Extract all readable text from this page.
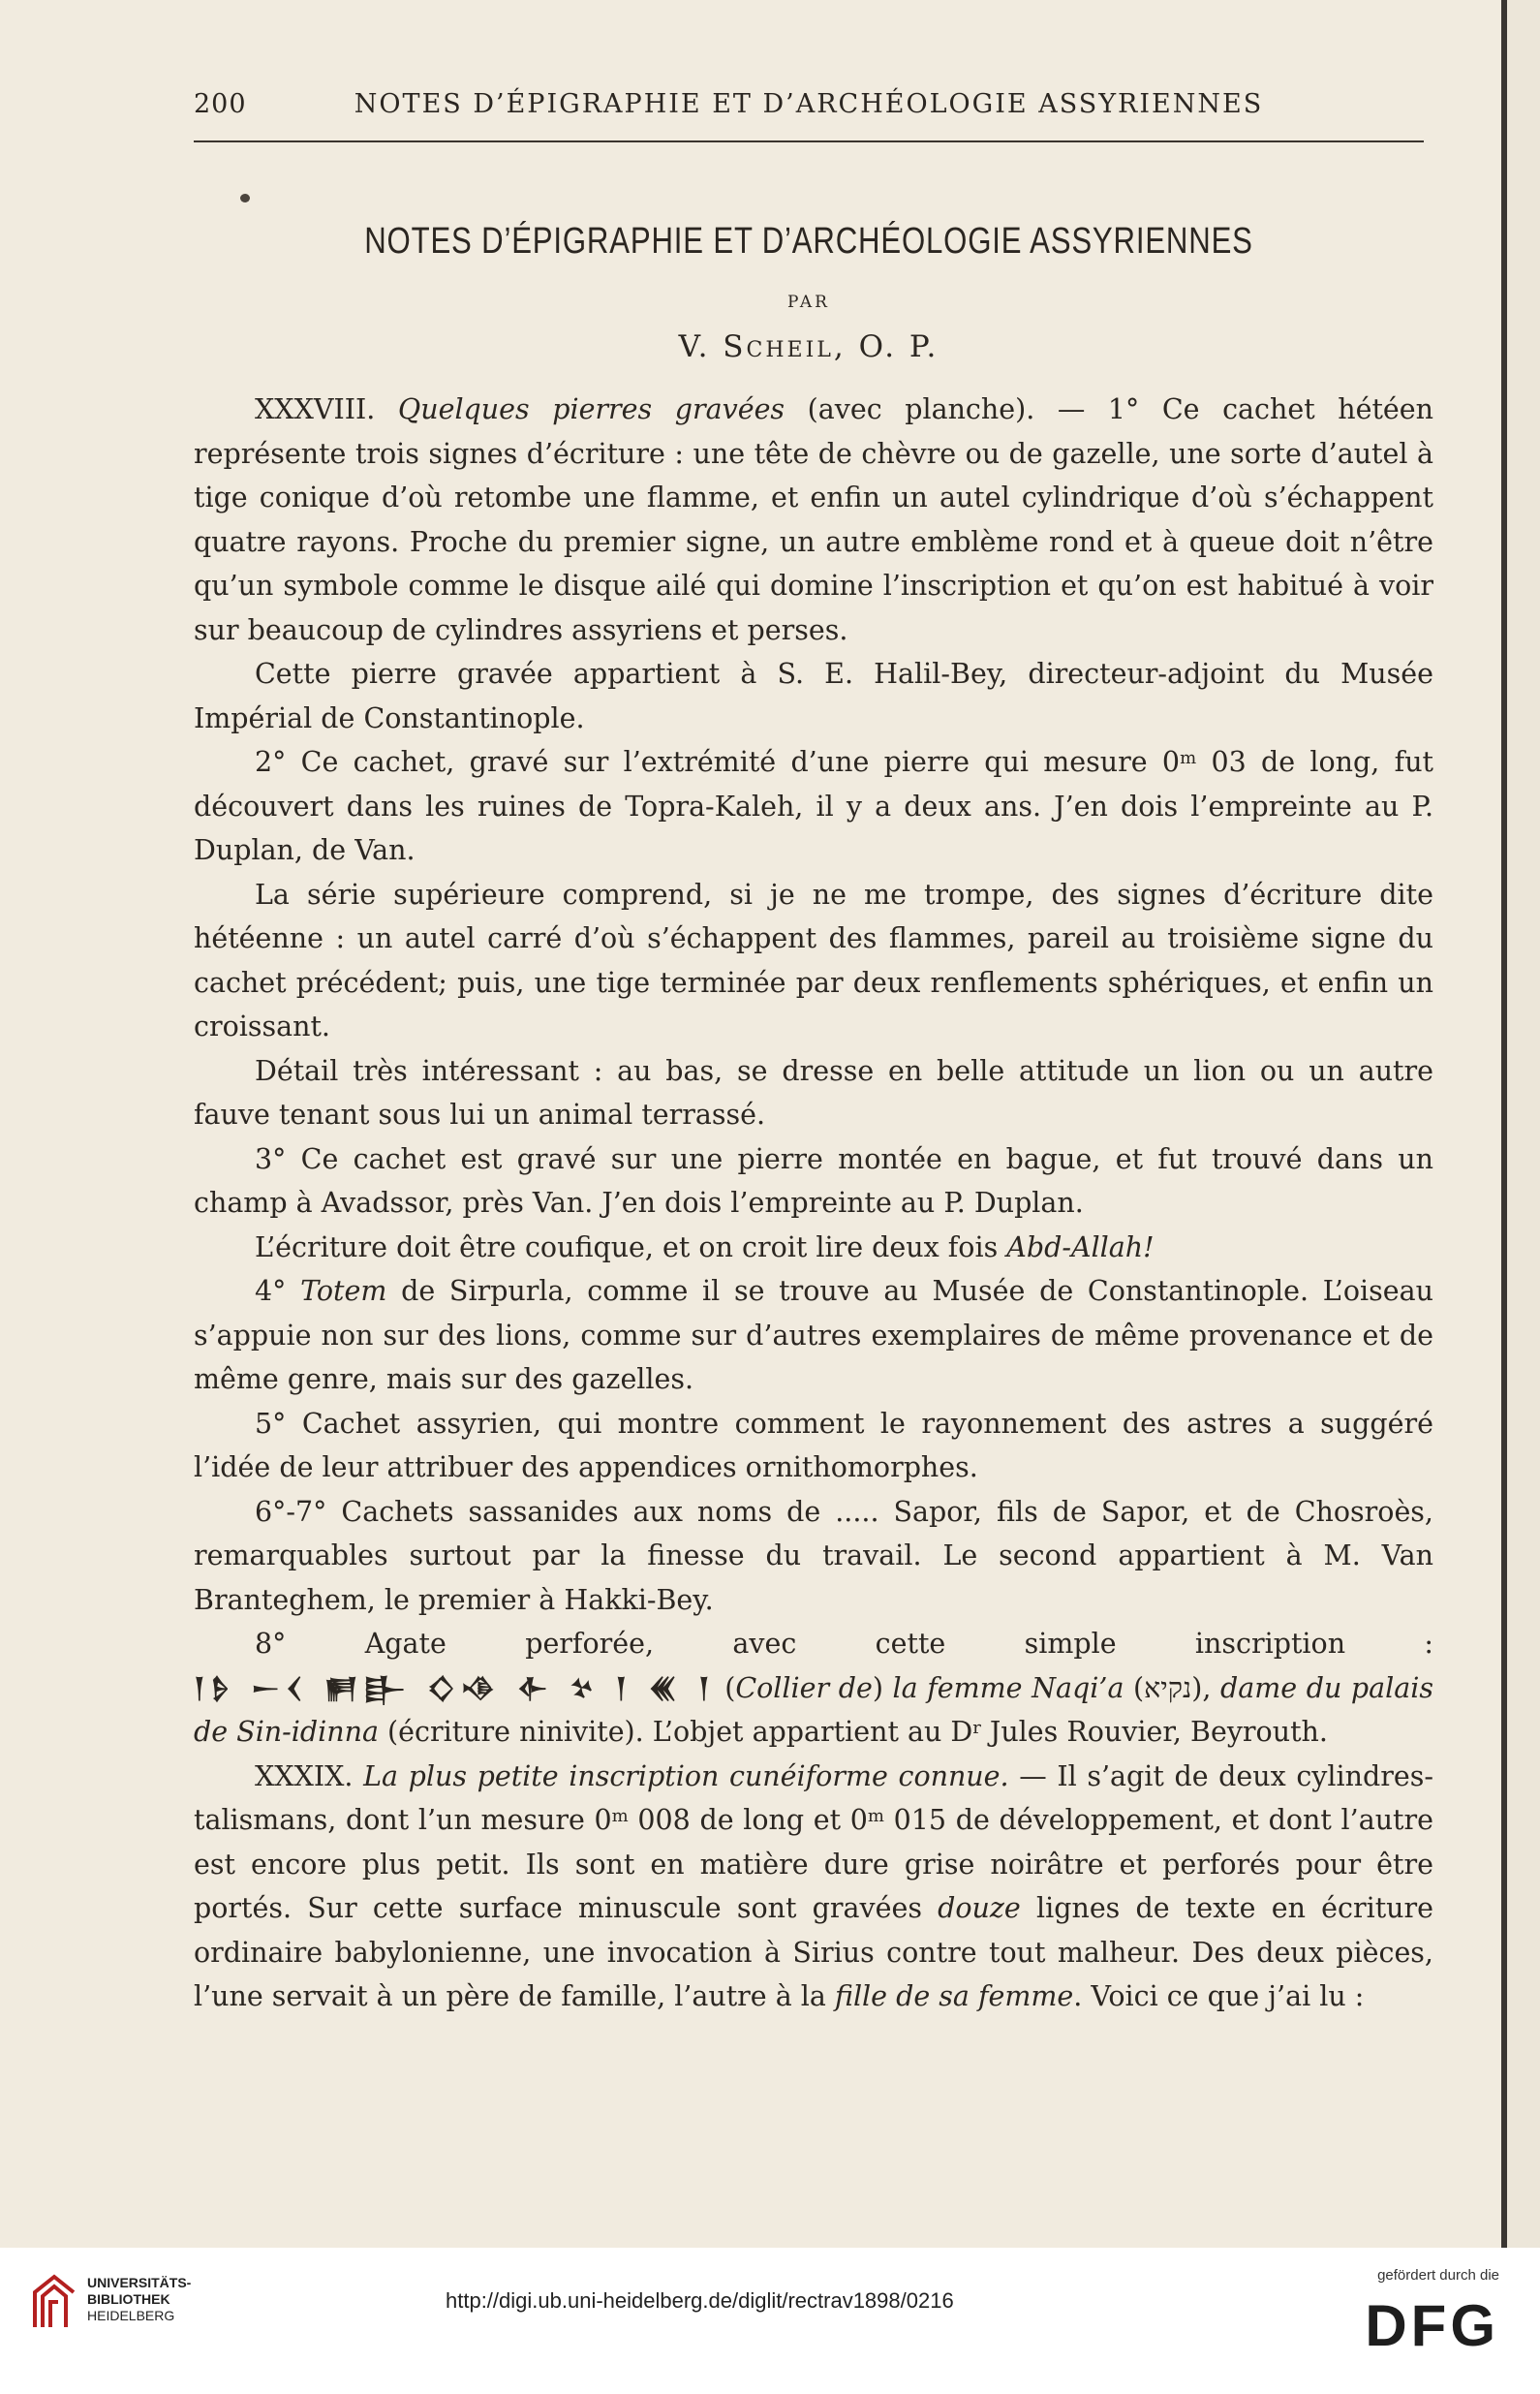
200	NOTES D’ÉPIGRAPHIE ET D’ARCHÉOLOGIE ASSYRIENNES
NOTES D’ÉPIGRAPHIE ET D’ARCHÉOLOGIE ASSYRIENNES
PAR
V. Scheil, O. P.

XXXVIII. Quelques pierres gravées (avec planche). — 1° Ce cachet hétéen représente trois signes d’écriture : une tête de chèvre ou de gazelle, une sorte d’autel à tige conique d’où retombe une flamme, et enfin un autel cylindrique d’où s’échappent quatre rayons. Proche du premier signe, un autre emblème rond et à queue doit n’être qu’un symbole comme le disque ailé qui domine l’inscription et qu’on est habitué à voir sur beaucoup de cylindres assyriens et perses.

Cette pierre gravée appartient à S. E. Halil-Bey, directeur-adjoint du Musée Impérial de Constantinople.

2° Ce cachet, gravé sur l’extrémité d’une pierre qui mesure 0$^m$ 03 de long, fut découvert dans les ruines de Topra-Kaleh, il y a deux ans. J’en dois l’empreinte au P. Duplan, de Van.

La série supérieure comprend, si je ne me trompe, des signes d’écriture dite hétéenne : un autel carré d’où s’échappent des flammes, pareil au troisième signe du cachet précédent; puis, une tige terminée par deux renflements sphériques, et enfin un croissant.

Détail très intéressant : au bas, se dresse en belle attitude un lion ou un autre fauve tenant sous lui un animal terrassé.

3° Ce cachet est gravé sur une pierre montée en bague, et fut trouvé dans un champ à Avadssor, près Van. J’en dois l’empreinte au P. Duplan.

L’écriture doit être coufique, et on croit lire deux fois Abd-Allah!

4° Totem de Sirpurla, comme il se trouve au Musée de Constantinople. L’oiseau s’appuie non sur des lions, comme sur d’autres exemplaires de même provenance et de même genre, mais sur des gazelles.

5° Cachet assyrien, qui montre comment le rayonnement des astres a suggéré l’idée de leur attribuer des appendices ornithomorphes.

6°-7° Cachets sassanides aux noms de ..... Sapor, fils de Sapor, et de Chosroès, remarquables surtout par la finesse du travail. Le second appartient à M. Van Branteghem, le premier à Hakki-Bey.

8° Agate perforée, avec cette simple inscription : 𒁹𒊩 𒀸𒌋 𒂍𒃲 𒄭𒈾 𒅆 𒆳 𒁹 𒌍 𒁹 (Collier de) la femme Naqi’a (נקיא), dame du palais de Sin-idinna (écriture ninivite). L’objet appartient au $D^r$ Jules Rouvier, Beyrouth.

XXXIX. La plus petite inscription cunéiforme connue. — Il s’agit de deux cylindres-talismans, dont l’un mesure 0$^m$ 008 de long et 0$^m$ 015 de développement, et dont l’autre est encore plus petit. Ils sont en matière dure grise noirâtre et perforés pour être portés. Sur cette surface minuscule sont gravées douze lignes de texte en écriture ordinaire babylonienne, une invocation à Sirius contre tout malheur. Des deux pièces, l’une servait à un père de famille, l’autre à la fille de sa femme. Voici ce que j’ai lu :

UNIVERSITÄTS-
BIBLIOTHEK
HEIDELBERG
http://digi.ub.uni-heidelberg.de/diglit/rectrav1898/0216
gefördert durch die
DFG
